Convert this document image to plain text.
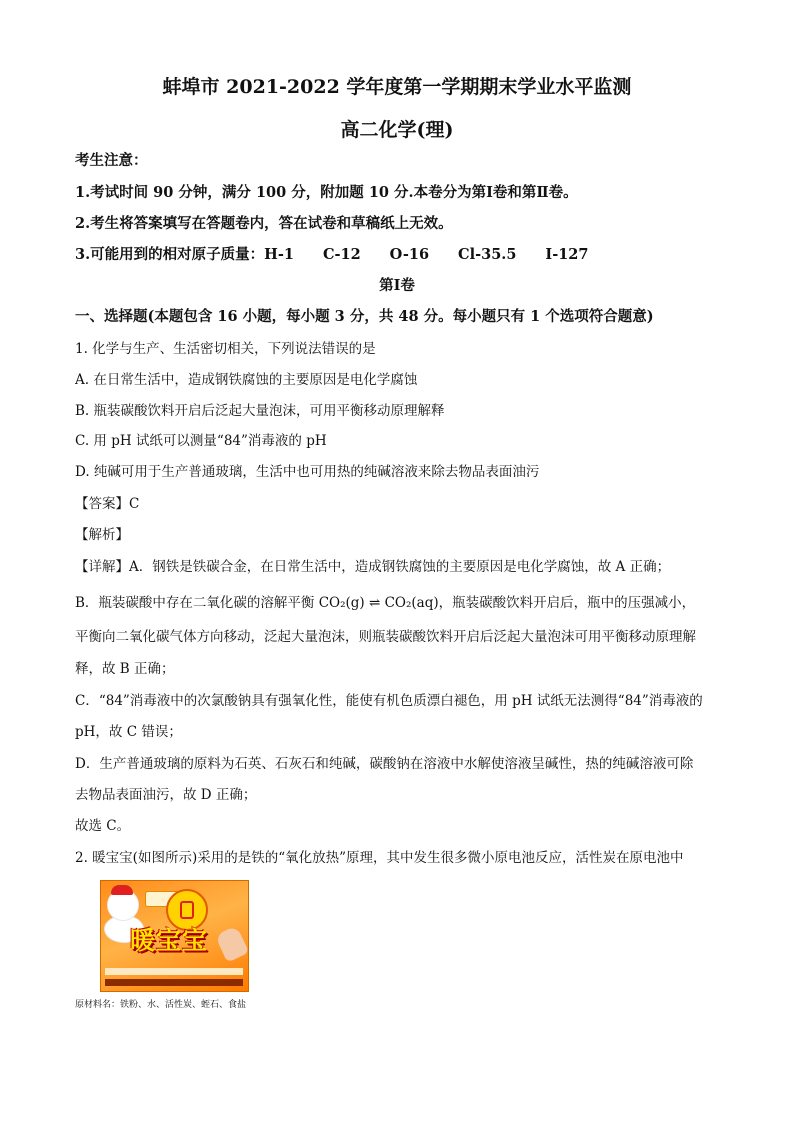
蚌埠市 2021-2022 学年度第一学期期末学业水平监测
高二化学(理)
考生注意：
1.考试时间 90 分钟，满分 100 分，附加题 10 分.本卷分为第Ⅰ卷和第Ⅱ卷。
2.考生将答案填写在答题卷内，答在试卷和草稿纸上无效。
3.可能用到的相对原子质量：H-1　　C-12　　O-16　　Cl-35.5　　I-127
第Ⅰ卷
一、选择题(本题包含 16 小题，每小题 3 分，共 48 分。每小题只有 1 个选项符合题意)
1. 化学与生产、生活密切相关，下列说法错误的是
A. 在日常生活中，造成钢铁腐蚀的主要原因是电化学腐蚀
B. 瓶装碳酸饮料开启后泛起大量泡沫，可用平衡移动原理解释
C. 用 pH 试纸可以测量“84”消毒液的 pH
D. 纯碱可用于生产普通玻璃，生活中也可用热的纯碱溶液来除去物品表面油污
【答案】C
【解析】
【详解】A．钢铁是铁碳合金，在日常生活中，造成钢铁腐蚀的主要原因是电化学腐蚀，故 A 正确；
B．瓶装碳酸中存在二氧化碳的溶解平衡 CO₂(g) ⇌ CO₂(aq)，瓶装碳酸饮料开启后，瓶中的压强减小，
平衡向二氧化碳气体方向移动，泛起大量泡沫，则瓶装碳酸饮料开启后泛起大量泡沫可用平衡移动原理解
释，故 B 正确；
C．“84”消毒液中的次氯酸钠具有强氧化性，能使有机色质漂白褪色，用 pH 试纸无法测得“84”消毒液的
pH，故 C 错误；
D．生产普通玻璃的原料为石英、石灰石和纯碱，碳酸钠在溶液中水解使溶液呈碱性，热的纯碱溶液可除
去物品表面油污，故 D 正确；
故选 C。
2. 暖宝宝(如图所示)采用的是铁的“氧化放热”原理，其中发生很多微小原电池反应，活性炭在原电池中
暖宝宝
原材料名：铁粉、水、活性炭、蛭石、食盐
